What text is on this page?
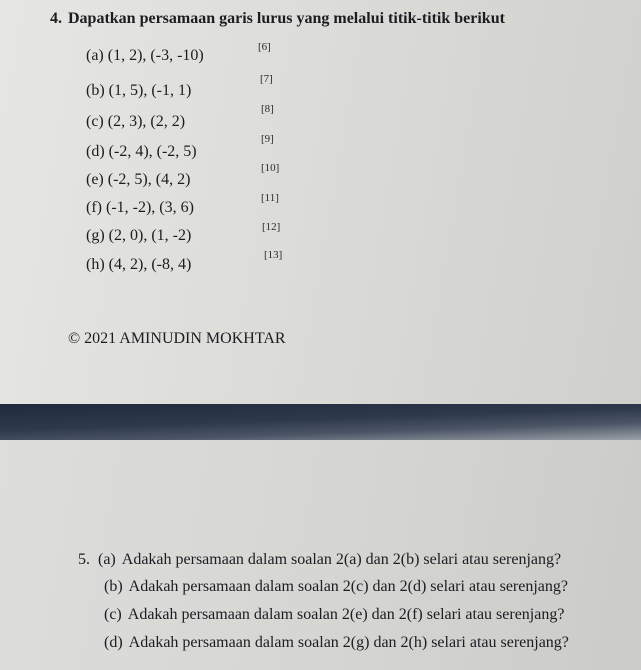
4. Dapatkan persamaan garis lurus yang melalui titik-titik berikut
(a) (1, 2), (-3, -10)	[6]
(b) (1, 5), (-1, 1)
[7]
(c) (2, 3), (2, 2)
[8]
(d) (-2, 4), (-2, 5)
[9]
(e) (-2, 5), (4, 2)
[10]
(f) (-1, -2), (3, 6)
[11]
(g) (2, 0), (1, -2)	[12]
(h) (4, 2), (-8, 4)
[13]
© 2021 AMINUDIN MOKHTAR
5. (a) Adakah persamaan dalam soalan 2(a) dan 2(b) selari atau serenjang?
(b) Adakah persamaan dalam soalan 2(c) dan 2(d) selari atau serenjang?
(c) Adakah persamaan dalam soalan 2(e) dan 2(f) selari atau serenjang?
(d) Adakah persamaan dalam soalan 2(g) dan 2(h) selari atau serenjang?
